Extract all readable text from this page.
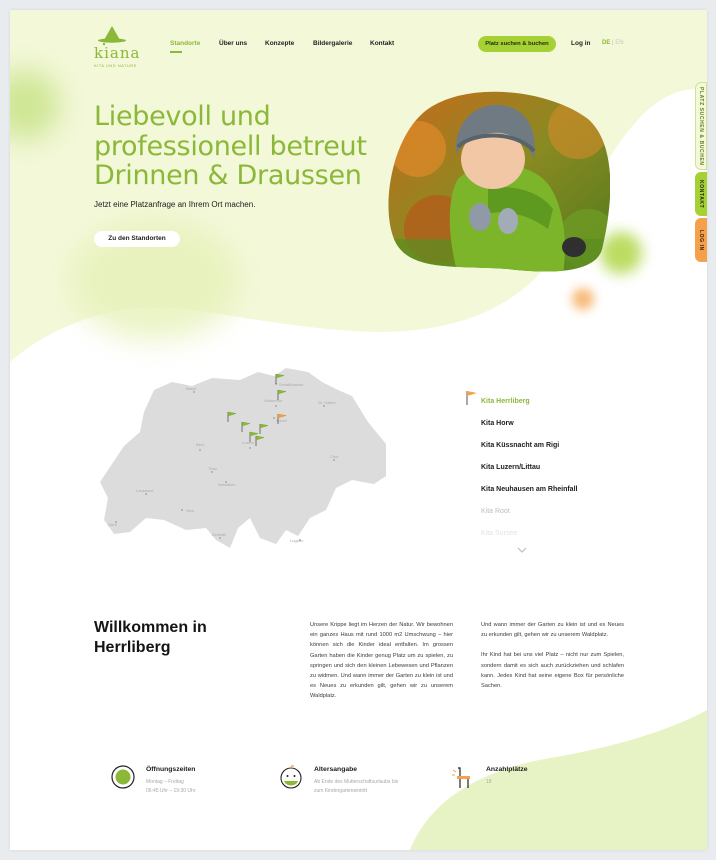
kiana
KITA UND NATURE
Standorte	Über uns	Konzepte	Bildergalerie	Kontakt	Platz suchen & buchen	Log in DE | EN
PLATZ SUCHEN & BUCHEN
KONTAKT
LOG IN
Liebevoll und
professionell betreut
Drinnen & Draussen
Jetzt eine Platzanfrage an Ihrem Ort machen.
Zu den Standorten
Schaffhausen
Winterthur	St. Gallen
Basel
Zürich
Luzern
Bern
Thun
Interlaken
Lausanne
Genf
Sion
Zermatt
Lugano
Chur
Kita Herrliberg
Kita Horw
Kita Küssnacht am Rigi
Kita Luzern/Littau
Kita Neuhausen am Rheinfall
Kita Root
Kita Sursee
Willkommen in
Herrliberg
Unsere Krippe liegt im Herzen der Natur. Wir bewohnen ein ganzes Haus mit rund 1000 m2 Umschwung – hier können sich die Kinder ideal entfalten. Im grossen Garten haben die Kinder genug Platz um zu spielen, zu springen und sich den kleinen Lebewesen und Pflanzen zu widmen. Und wann immer der Garten zu klein ist und es Neues zu erkunden gilt, gehen wir zu unserem Waldplatz.

Und wann immer der Garten zu klein ist und es Neues zu erkunden gilt, gehen wir zu unserem Waldplatz.

Ihr Kind hat bei uns viel Platz – nicht nur zum Spielen, sondern damit es sich auch zurückziehen und schlafen kann. Jedes Kind hat seine eigene Box für persönliche Sachen.

Öffnungszeiten
Montag – Freitag
06:45 Uhr – 19:30 Uhr
Altersangabe
Ab Ende des Mutterschaftsurlaubs bis
zum Kindergarteneintritt
Anzahlplätze
18
